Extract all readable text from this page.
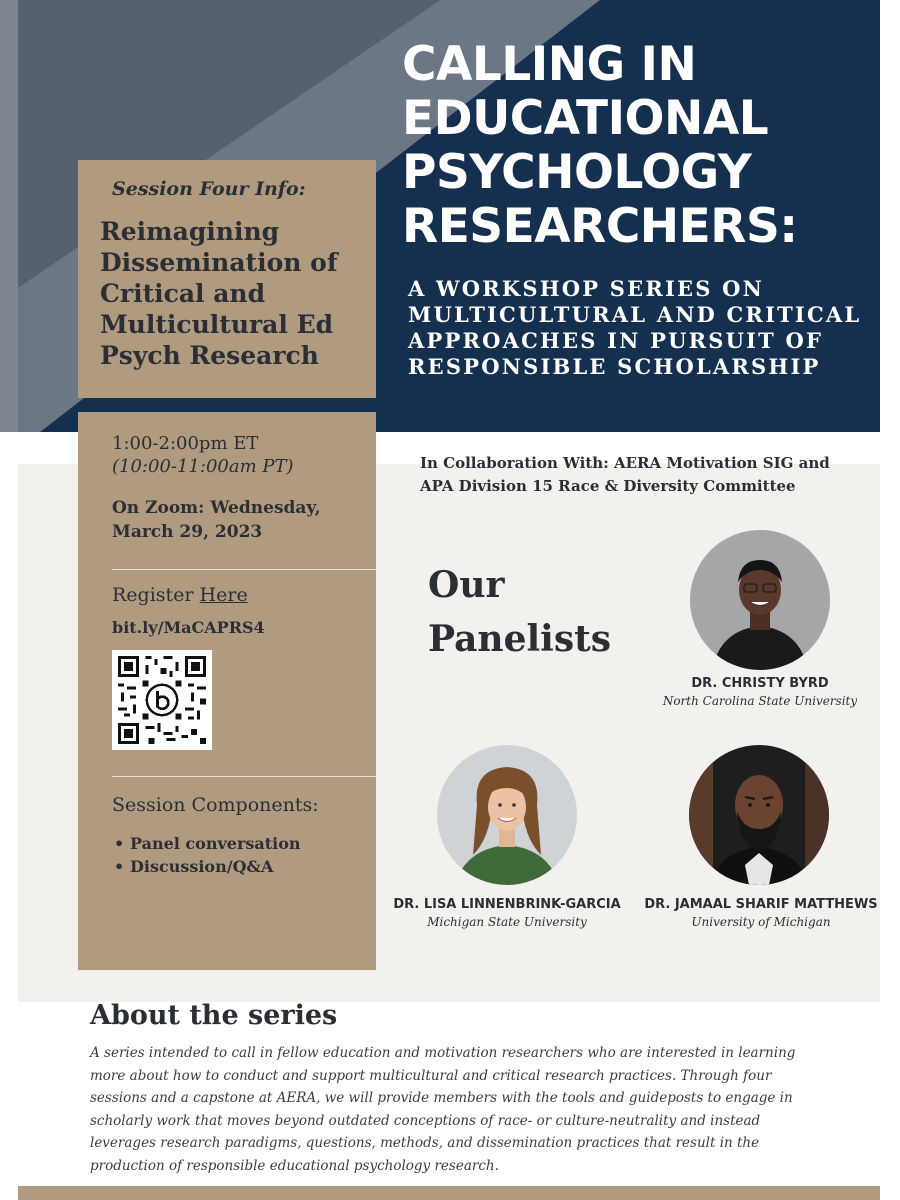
CALLING IN
EDUCATIONAL
PSYCHOLOGY
RESEARCHERS:
A WORKSHOP SERIES ON MULTICULTURAL AND CRITICAL APPROACHES IN PURSUIT OF RESPONSIBLE SCHOLARSHIP
Session Four Info:
Reimagining Dissemination of Critical and Multicultural Ed Psych Research
1:00-2:00pm ET
(10:00-11:00am PT)
On Zoom: Wednesday, March 29, 2023
Register Here
bit.ly/MaCAPRS4
Session Components:
• Panel conversation
• Discussion/Q&A
In Collaboration With: AERA Motivation SIG and APA Division 15 Race & Diversity Committee
Our
Panelists
DR. CHRISTY BYRD
North Carolina State University
DR. LISA LINNENBRINK-GARCIA
Michigan State University
DR. JAMAAL SHARIF MATTHEWS
University of Michigan
About the series
A series intended to call in fellow education and motivation researchers who are interested in learning more about how to conduct and support multicultural and critical research practices. Through four sessions and a capstone at AERA, we will provide members with the tools and guideposts to engage in scholarly work that moves beyond outdated conceptions of race- or culture-neutrality and instead leverages research paradigms, questions, methods, and dissemination practices that result in the production of responsible educational psychology research.
